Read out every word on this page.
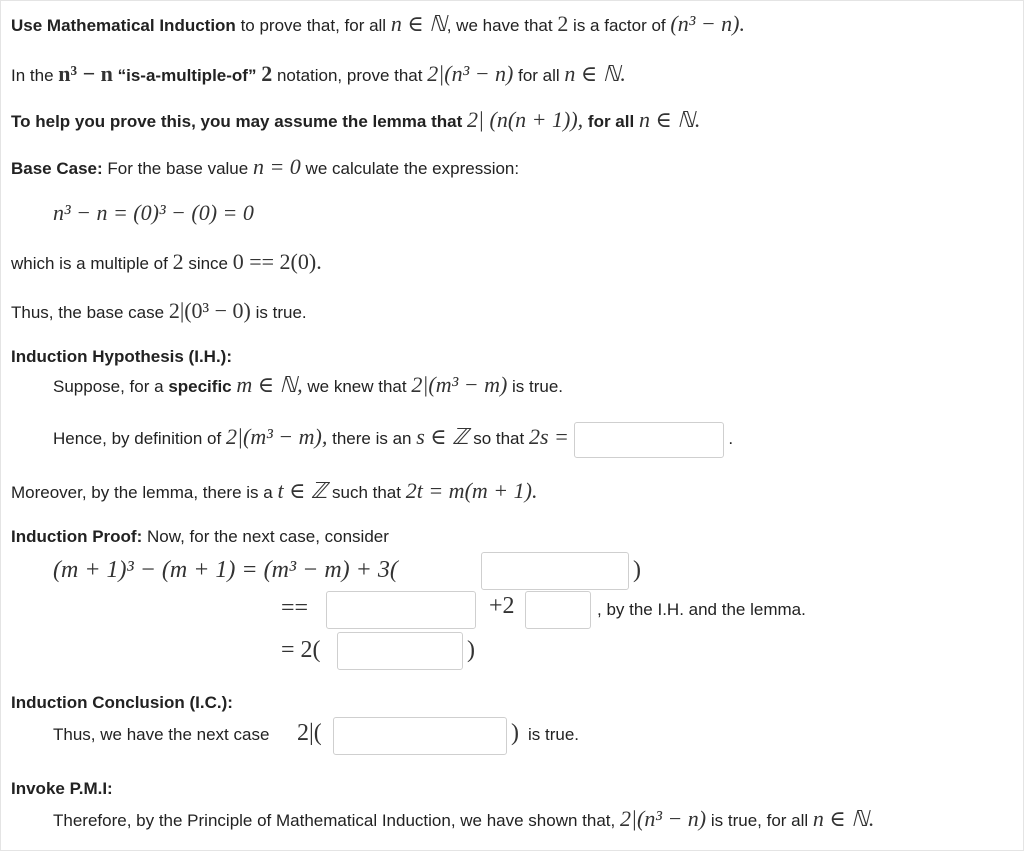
Use Mathematical Induction to prove that, for all n ∈ ℕ, we have that 2 is a factor of (n³ − n).
In the n³ − n “is-a-multiple-of” 2 notation, prove that 2|(n³ − n) for all n ∈ ℕ.
To help you prove this, you may assume the lemma that 2| (n(n + 1)), for all n ∈ ℕ.
Base Case: For the base value n = 0 we calculate the expression:
n³ − n = (0)³ − (0) = 0
which is a multiple of 2 since 0 == 2(0).
Thus, the base case 2|(0³ − 0) is true.
Induction Hypothesis (I.H.):
Suppose, for a specific m ∈ ℕ, we knew that 2|(m³ − m) is true.
Hence, by definition of 2|(m³ − m), there is an s ∈ ℤ so that 2s =	.
Moreover, by the lemma, there is a t ∈ ℤ such that 2t = m(m + 1).
Induction Proof: Now, for the next case, consider
(m + 1)³ − (m + 1) = (m³ − m) + 3(	)
==	+2	, by the I.H. and the lemma.
= 2(	)
Induction Conclusion (I.C.):
Thus, we have the next case 2|(	) is true.
Invoke P.M.I:
Therefore, by the Principle of Mathematical Induction, we have shown that, 2|(n³ − n) is true, for all n ∈ ℕ.
